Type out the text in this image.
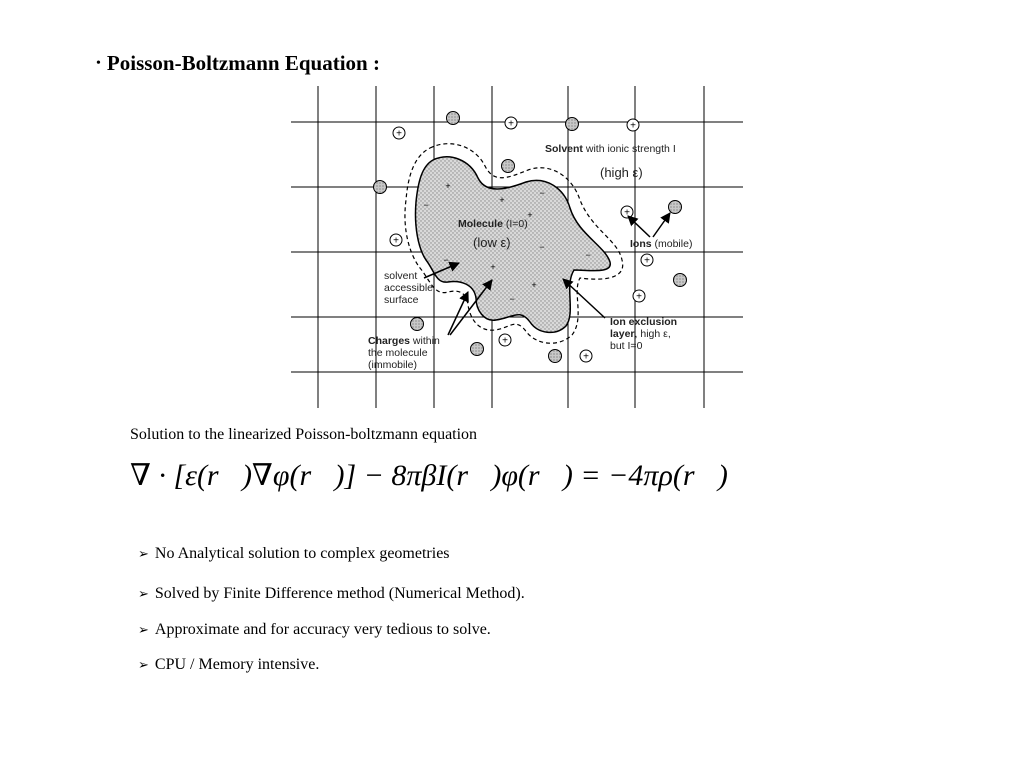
• Poisson-Boltzmann Equation :
+
−	+
−
+
−
+
−
+
−
−
+	+
+
+
+
+
+
+
+
Solvent with ionic strength I
(high ε)
Molecule (I=0)
(low ε)	Ions (mobile)
solvent accessible surface
Charges within the molecule (immobile)
Ion exclusion layer, high ε, but I=0
Solution to the linearized Poisson-boltzmann equation
∇ · [ε(r⃗)∇φ(r⃗)] − 8πβI(r⃗)φ(r⃗) = −4πρ(r⃗)
➢ No Analytical solution to complex geometries
➢ Solved by Finite Difference method (Numerical Method).
➢ Approximate and for accuracy very tedious to solve.
➢ CPU / Memory intensive.
